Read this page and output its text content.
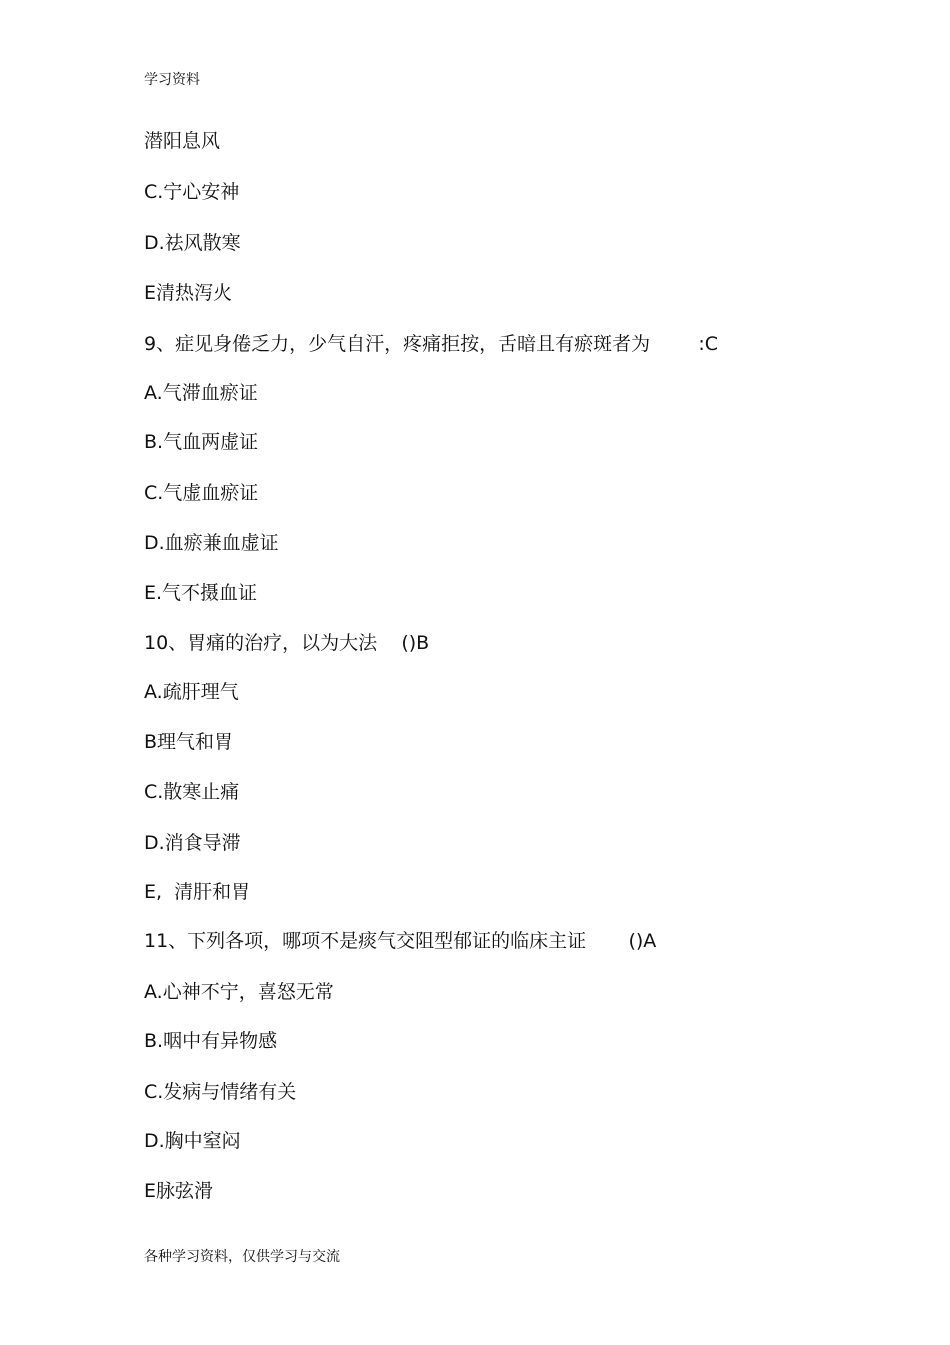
学习资料
潜阳息风
C.宁心安神
D.祛风散寒
E清热泻火
9、症见身倦乏力，少气自汗，疼痛拒按，舌暗且有瘀斑者为        :C
A.气滞血瘀证
B.气血两虚证
C.气虚血瘀证
D.血瘀兼血虚证
E.气不摄血证
10、胃痛的治疗，以为大法    ()B
A.疏肝理气
B理气和胃
C.散寒止痛
D.消食导滞
E,  清肝和胃
11、下列各项，哪项不是痰气交阻型郁证的临床主证       ()A
A.心神不宁，喜怒无常
B.咽中有异物感
C.发病与情绪有关
D.胸中窒闷
E脉弦滑
各种学习资料，仅供学习与交流
